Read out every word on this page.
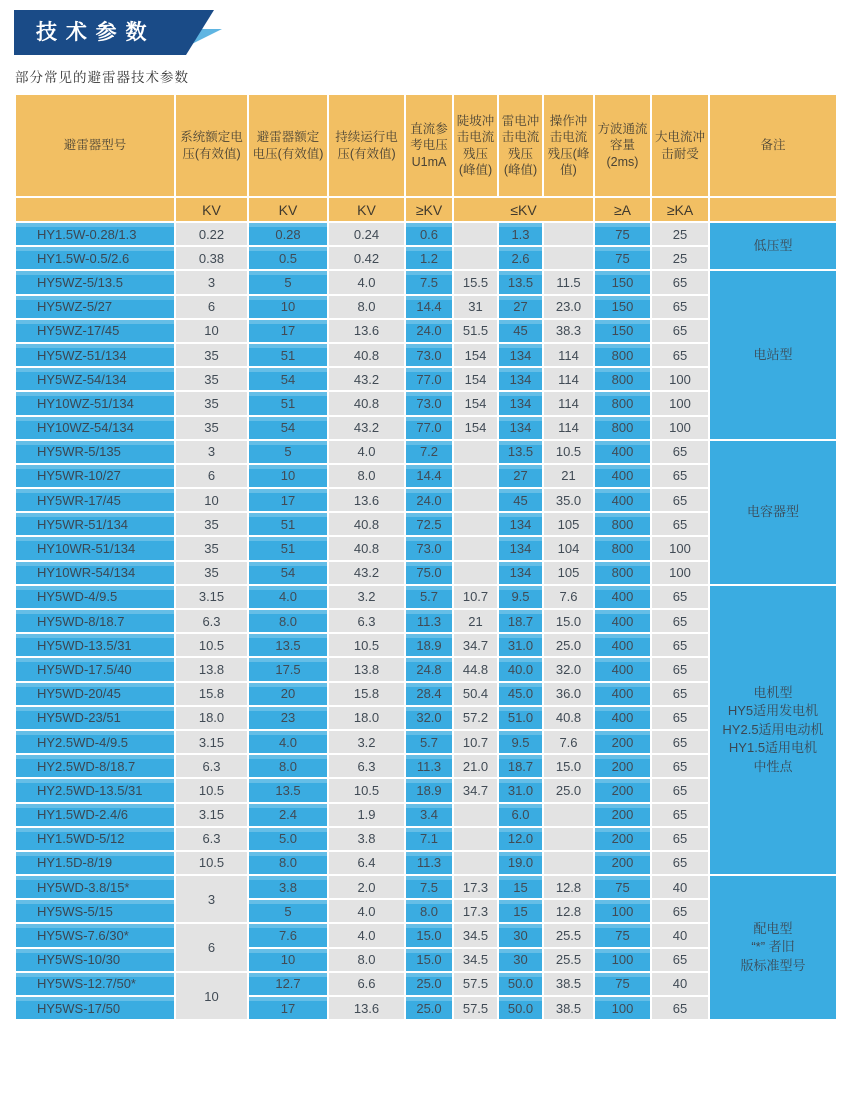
技术参数
部分常见的避雷器技术参数
避雷器型号	系统额定电压(有效值)	避雷器额定电压(有效值)	持续运行电压(有效值)	直流参考电压U1mA	陡坡冲击电流残压(峰值)	雷电冲击电流残压(峰值)	操作冲击电流残压(峰值)	方波通流容量(2ms)	大电流冲击耐受	备注
	KV	KV	KV	≥KV	≤KV			≥A	≥KA	
HY1.5W-0.28/1.3	0.22	0.28	0.24	0.6		1.3		75	25	低压型

HY1.5W-0.5/2.6	0.38	0.5	0.42	1.2		2.6		75	25	
HY5WZ-5/13.5	3	5	4.0	7.5	15.5	13.5	11.5	150	65	电站型

HY5WZ-5/27	6	10	8.0	14.4	31	27	23.0	150	65	
HY5WZ-17/45	10	17	13.6	24.0	51.5	45	38.3	150	65	
HY5WZ-51/134	35	51	40.8	73.0	154	134	114	800	65	
HY5WZ-54/134	35	54	43.2	77.0	154	134	114	800	100	
HY10WZ-51/134	35	51	40.8	73.0	154	134	114	800	100	
HY10WZ-54/134	35	54	43.2	77.0	154	134	114	800	100	
HY5WR-5/135	3	5	4.0	7.2		13.5	10.5	400	65	电容器型

HY5WR-10/27	6	10	8.0	14.4		27	21	400	65	
HY5WR-17/45	10	17	13.6	24.0		45	35.0	400	65	
HY5WR-51/134	35	51	40.8	72.5		134	105	800	65	
HY10WR-51/134	35	51	40.8	73.0		134	104	800	100	
HY10WR-54/134	35	54	43.2	75.0		134	105	800	100	
HY5WD-4/9.5	3.15	4.0	3.2	5.7	10.7	9.5	7.6	400	65	电机型
HY5适用发电机
HY2.5适用电动机
HY1.5适用电机
中性点

HY5WD-8/18.7	6.3	8.0	6.3	11.3	21	18.7	15.0	400	65	
HY5WD-13.5/31	10.5	13.5	10.5	18.9	34.7	31.0	25.0	400	65	
HY5WD-17.5/40	13.8	17.5	13.8	24.8	44.8	40.0	32.0	400	65	
HY5WD-20/45	15.8	20	15.8	28.4	50.4	45.0	36.0	400	65	
HY5WD-23/51	18.0	23	18.0	32.0	57.2	51.0	40.8	400	65	
HY2.5WD-4/9.5	3.15	4.0	3.2	5.7	10.7	9.5	7.6	200	65	
HY2.5WD-8/18.7	6.3	8.0	6.3	11.3	21.0	18.7	15.0	200	65	
HY2.5WD-13.5/31	10.5	13.5	10.5	18.9	34.7	31.0	25.0	200	65	
HY1.5WD-2.4/6	3.15	2.4	1.9	3.4		6.0		200	65	
HY1.5WD-5/12	6.3	5.0	3.8	7.1		12.0		200	65	
HY1.5D-8/19	10.5	8.0	6.4	11.3		19.0		200	65	
HY5WD-3.8/15*	3	3.8	2.0	7.5	17.3	15	12.8	75	40	配电型
“*” 者旧
版标准型号

HY5WS-5/15		5	4.0	8.0	17.3	15	12.8	100	65	
HY5WS-7.6/30*	6	7.6	4.0	15.0	34.5	30	25.5	75	40	
HY5WS-10/30		10	8.0	15.0	34.5	30	25.5	100	65	
HY5WS-12.7/50*	10	12.7	6.6	25.0	57.5	50.0	38.5	75	40	
HY5WS-17/50		17	13.6	25.0	57.5	50.0	38.5	100	65	
